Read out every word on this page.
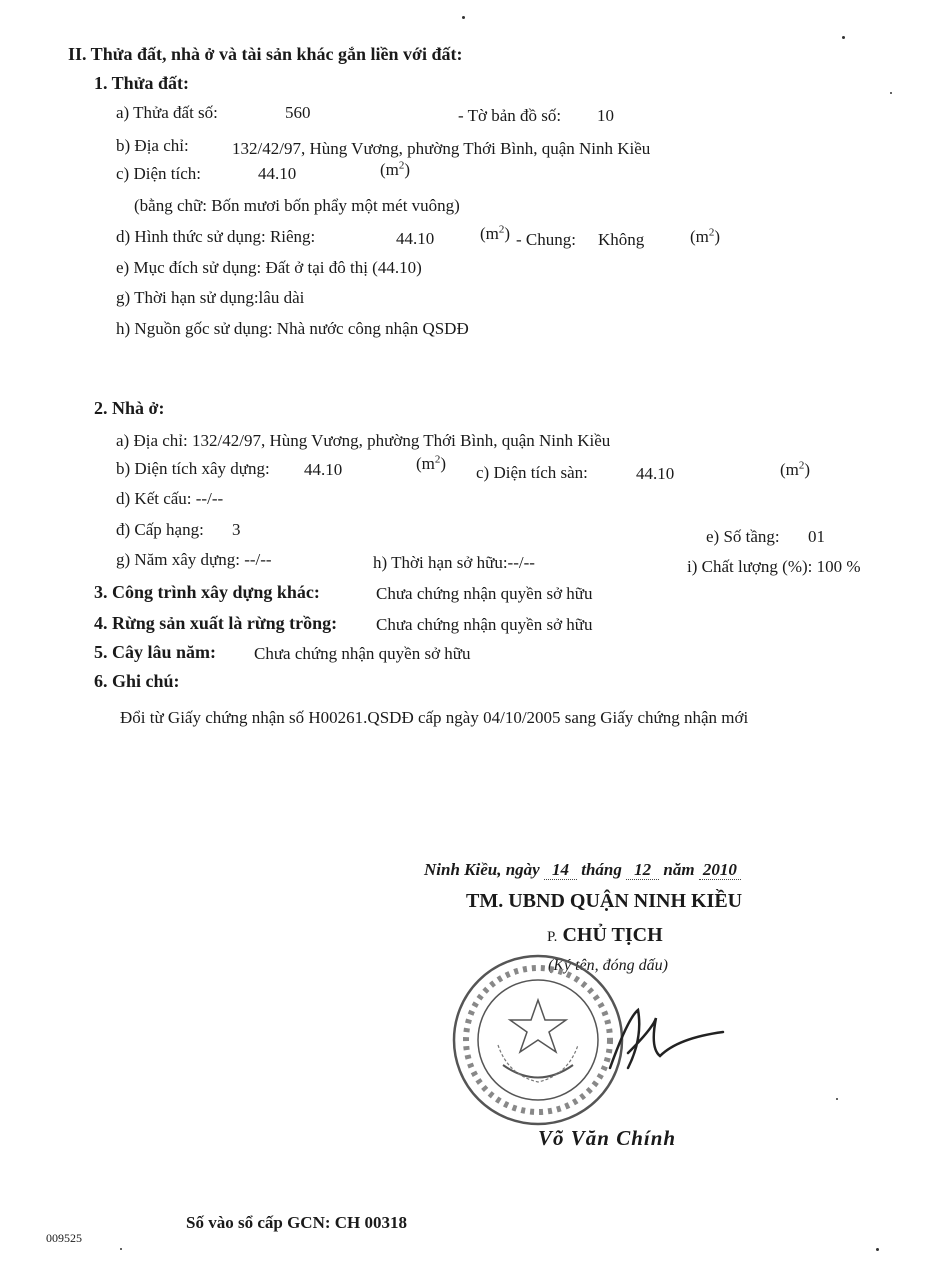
II. Thửa đất, nhà ở và tài sản khác gắn liền với đất:
1. Thửa đất:
a) Thửa đất số:	560	- Tờ bản đồ số: 10
b) Địa chỉ:	132/42/97, Hùng Vương, phường Thới Bình, quận Ninh Kiều
c) Diện tích:	44.10	$(m^2)$
(bằng chữ: Bốn mươi bốn phẩy một mét vuông)
d) Hình thức sử dụng: Riêng:	44.10	$(m^2)$ - Chung: Không	$(m^2)$
e) Mục đích sử dụng: Đất ở tại đô thị (44.10)
g) Thời hạn sử dụng:lâu dài
h) Nguồn gốc sử dụng: Nhà nước công nhận QSDĐ
2. Nhà ở:
a) Địa chỉ: 132/42/97, Hùng Vương, phường Thới Bình, quận Ninh Kiều
b) Diện tích xây dựng: 44.10	$(m^2)$ c) Diện tích sàn:	44.10	$(m^2)$
d) Kết cấu: --/--
đ) Cấp hạng: 3	e) Số tầng: 01
g) Năm xây dựng: --/--	h) Thời hạn sở hữu:--/--	i) Chất lượng (%): 100 %
3. Công trình xây dựng khác:	Chưa chứng nhận quyền sở hữu
4. Rừng sản xuất là rừng trồng: Chưa chứng nhận quyền sở hữu
5. Cây lâu năm: Chưa chứng nhận quyền sở hữu
6. Ghi chú:
Đổi từ Giấy chứng nhận số H00261.QSDĐ cấp ngày 04/10/2005 sang Giấy chứng nhận mới
Ninh Kiều, ngày 14 tháng 12 năm 2010
TM. UBND QUẬN NINH KIỀU
P. CHỦ TỊCH
(Ký tên, đóng dấu)
Võ Văn Chính
Số vào sổ cấp GCN: CH 00318
009525
